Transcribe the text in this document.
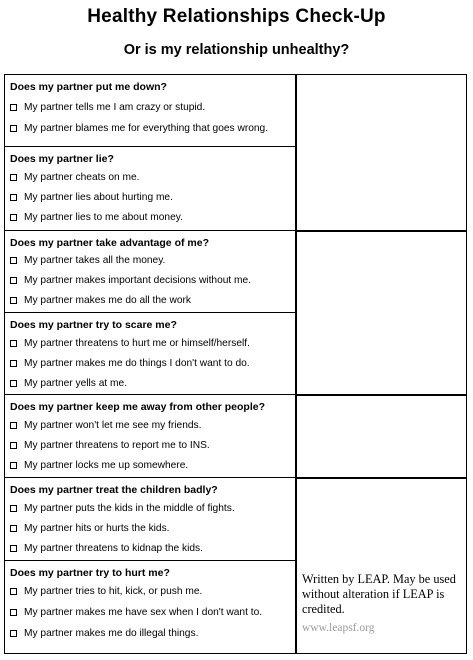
Healthy Relationships Check-Up
Or is my relationship unhealthy?
Does my partner put me down?
My partner tells me I am crazy or stupid.
My partner blames me for everything that goes wrong.
Does my partner lie?
My partner cheats on me.
My partner lies about hurting me.
My partner lies to me about money.
Does my partner take advantage of me?
My partner takes all the money.
My partner makes important decisions without me.
My partner makes me do all the work
Does my partner try to scare me?
My partner threatens to hurt me or himself/herself.
My partner makes me do things I don't want to do.
My partner yells at me.
Does my partner keep me away from other people?
My partner won't let me see my friends.
My partner threatens to report me to INS.
My partner locks me up somewhere.
Does my partner treat the children badly?
My partner puts the kids in the middle of fights.
My partner hits or hurts the kids.
My partner threatens to kidnap the kids.
Does my partner try to hurt me?
My partner tries to hit, kick, or push me.
My partner makes me have sex when I don't want to.
My partner makes me do illegal things.
Written by LEAP. May be used without alteration if LEAP is credited.
www.leapsf.org
